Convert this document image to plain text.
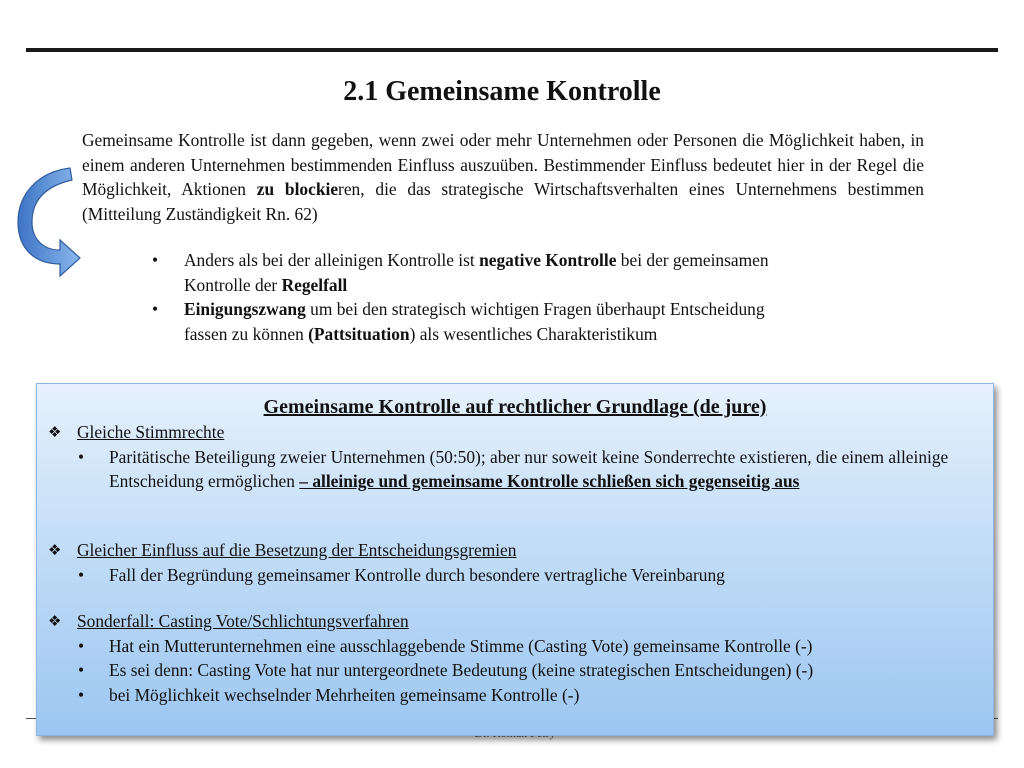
2.1 Gemeinsame Kontrolle
Gemeinsame Kontrolle ist dann gegeben, wenn zwei oder mehr Unternehmen oder Personen die Möglichkeit haben, in einem anderen Unternehmen bestimmenden Einfluss auszuüben. Bestimmender Einfluss bedeutet hier in der Regel die Möglichkeit, Aktionen zu blockieren, die das strategische Wirtschaftsverhalten eines Unternehmens bestimmen (Mitteilung Zuständigkeit Rn. 62)
• Anders als bei der alleinigen Kontrolle ist negative Kontrolle bei der gemeinsamen Kontrolle der Regelfall
• Einigungszwang um bei den strategisch wichtigen Fragen überhaupt Entscheidung fassen zu können (Pattsituation) als wesentliches Charakteristikum
Gemeinsame Kontrolle auf rechtlicher Grundlage (de jure)
❖ Gleiche Stimmrechte
• Paritätische Beteiligung zweier Unternehmen (50:50); aber nur soweit keine Sonderrechte existieren, die einem alleinige Entscheidung ermöglichen – alleinige und gemeinsame Kontrolle schließen sich gegenseitig aus
❖ Gleicher Einfluss auf die Besetzung der Entscheidungsgremien
• Fall der Begründung gemeinsamer Kontrolle durch besondere vertragliche Vereinbarung
❖ Sonderfall: Casting Vote/Schlichtungsverfahren
• Hat ein Mutterunternehmen eine ausschlaggebende Stimme (Casting Vote) gemeinsame Kontrolle (-)
• Es sei denn: Casting Vote hat nur untergeordnete Bedeutung (keine strategischen Entscheidungen) (-)
• bei Möglichkeit wechselnder Mehrheiten gemeinsame Kontrolle (-)
